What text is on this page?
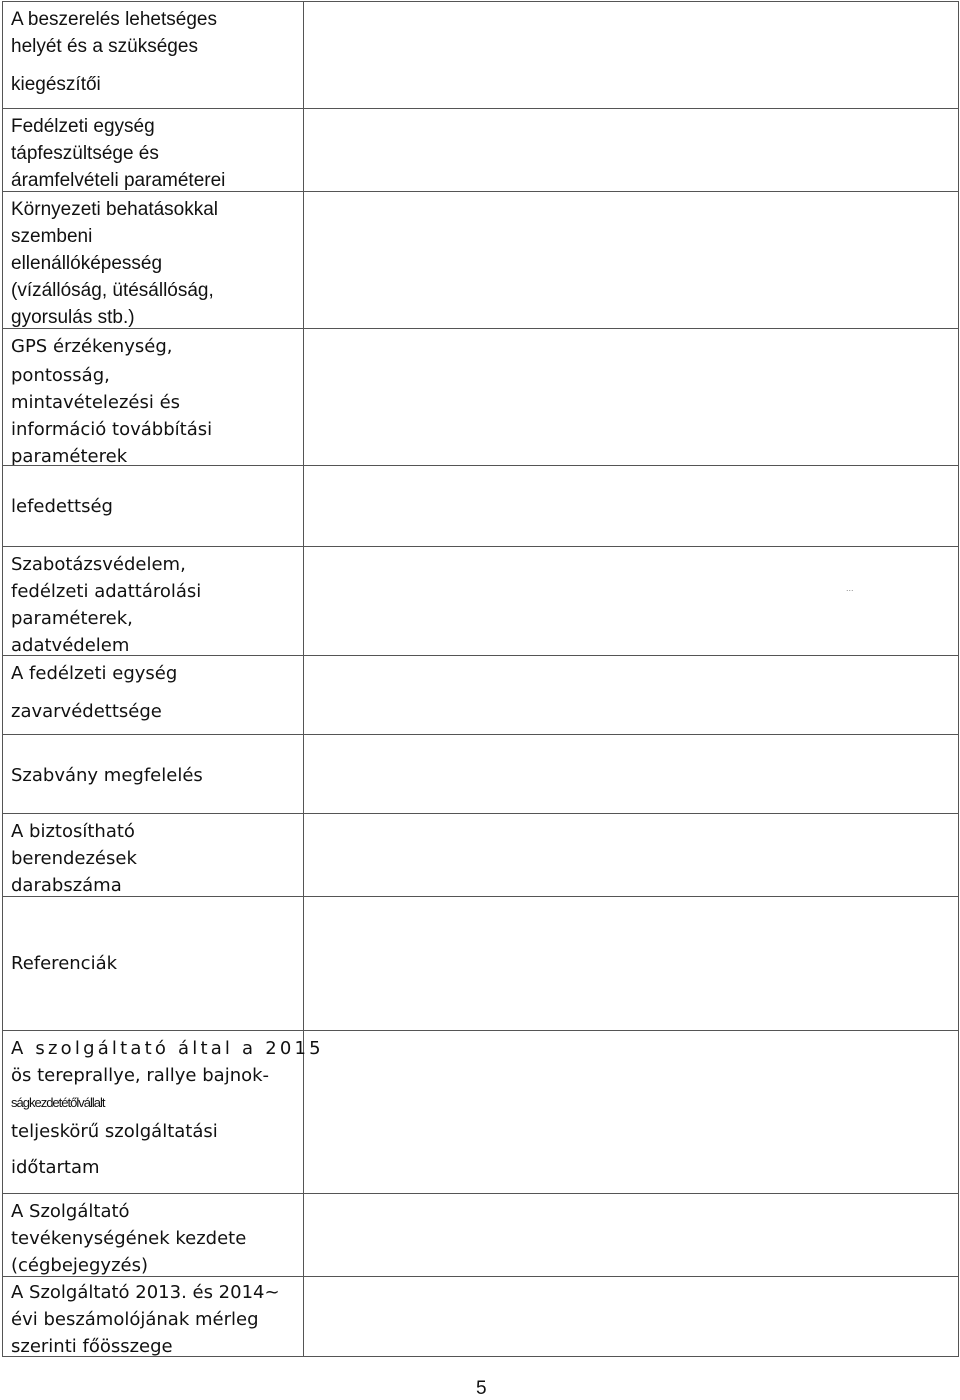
A beszerelés lehetséges
helyét és a szükséges
kiegészítői
Fedélzeti egység
tápfeszültsége és
áramfelvételi paraméterei
Környezeti behatásokkal
szembeni
ellenállóképesség
(vízállóság, ütésállóság,
gyorsulás stb.)
GPS érzékenység,
pontosság,
mintavételezési és
információ továbbítási
paraméterek
lefedettség
Szabotázsvédelem,
fedélzeti adattárolási
paraméterek,
adatvédelem
...
A fedélzeti egység
zavarvédettsége
Szabvány megfelelés
A biztosítható
berendezések
darabszáma
Referenciák
A szolgáltató által a 2015
ös tereprallye, rallye bajnok-
ságkezdetétőlvállalt
teljeskörű szolgáltatási
időtartam
A Szolgáltató
tevékenységének kezdete
(cégbejegyzés)
A Szolgáltató 2013. és 2014~
évi beszámolójának mérleg
szerinti főösszege
5
